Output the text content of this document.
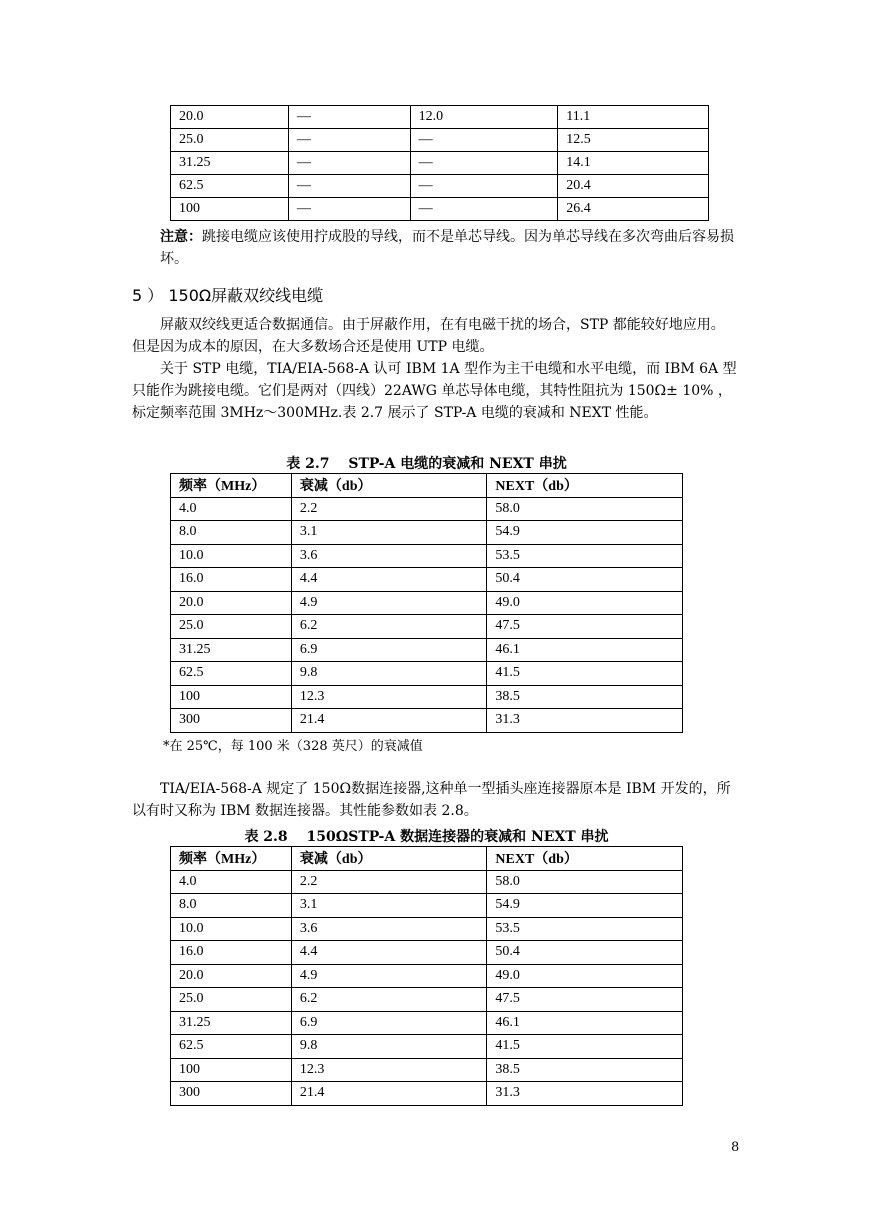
20.0	—	12.0	11.1
25.0	—	—	12.5
31.25	—	—	14.1
62.5	—	—	20.4
100	—	—	26.4
注意：跳接电缆应该使用拧成股的导线，而不是单芯导线。因为单芯导线在多次弯曲后容易损坏。
5 ） 150Ω屏蔽双绞线电缆
屏蔽双绞线更适合数据通信。由于屏蔽作用，在有电磁干扰的场合，STP 都能较好地应用。但是因为成本的原因，在大多数场合还是使用 UTP 电缆。
关于 STP 电缆，TIA/EIA-568-A 认可 IBM 1A 型作为主干电缆和水平电缆，而 IBM 6A 型只能作为跳接电缆。它们是两对（四线）22AWG 单芯导体电缆，其特性阻抗为 150Ω± 10% ，标定频率范围 3MHz～300MHz.表 2.7 展示了 STP-A 电缆的衰减和 NEXT 性能。
表 2.7　 STP-A 电缆的衰减和 NEXT 串扰
频率（MHz）	衰减（db）	NEXT（db）
4.0	2.2	58.0
8.0	3.1	54.9
10.0	3.6	53.5
16.0	4.4	50.4
20.0	4.9	49.0
25.0	6.2	47.5
31.25	6.9	46.1
62.5	9.8	41.5
100	12.3	38.5
300	21.4	31.3
*在 25℃，每 100 米（328 英尺）的衰减值
TIA/EIA-568-A 规定了 150Ω数据连接器,这种单一型插头座连接器原本是 IBM 开发的，所以有时又称为 IBM 数据连接器。其性能参数如表 2.8。
表 2.8　 150ΩSTP-A 数据连接器的衰减和 NEXT 串扰
频率（MHz）	衰减（db）	NEXT（db）
4.0	2.2	58.0
8.0	3.1	54.9
10.0	3.6	53.5
16.0	4.4	50.4
20.0	4.9	49.0
25.0	6.2	47.5
31.25	6.9	46.1
62.5	9.8	41.5
100	12.3	38.5
300	21.4	31.3
8
